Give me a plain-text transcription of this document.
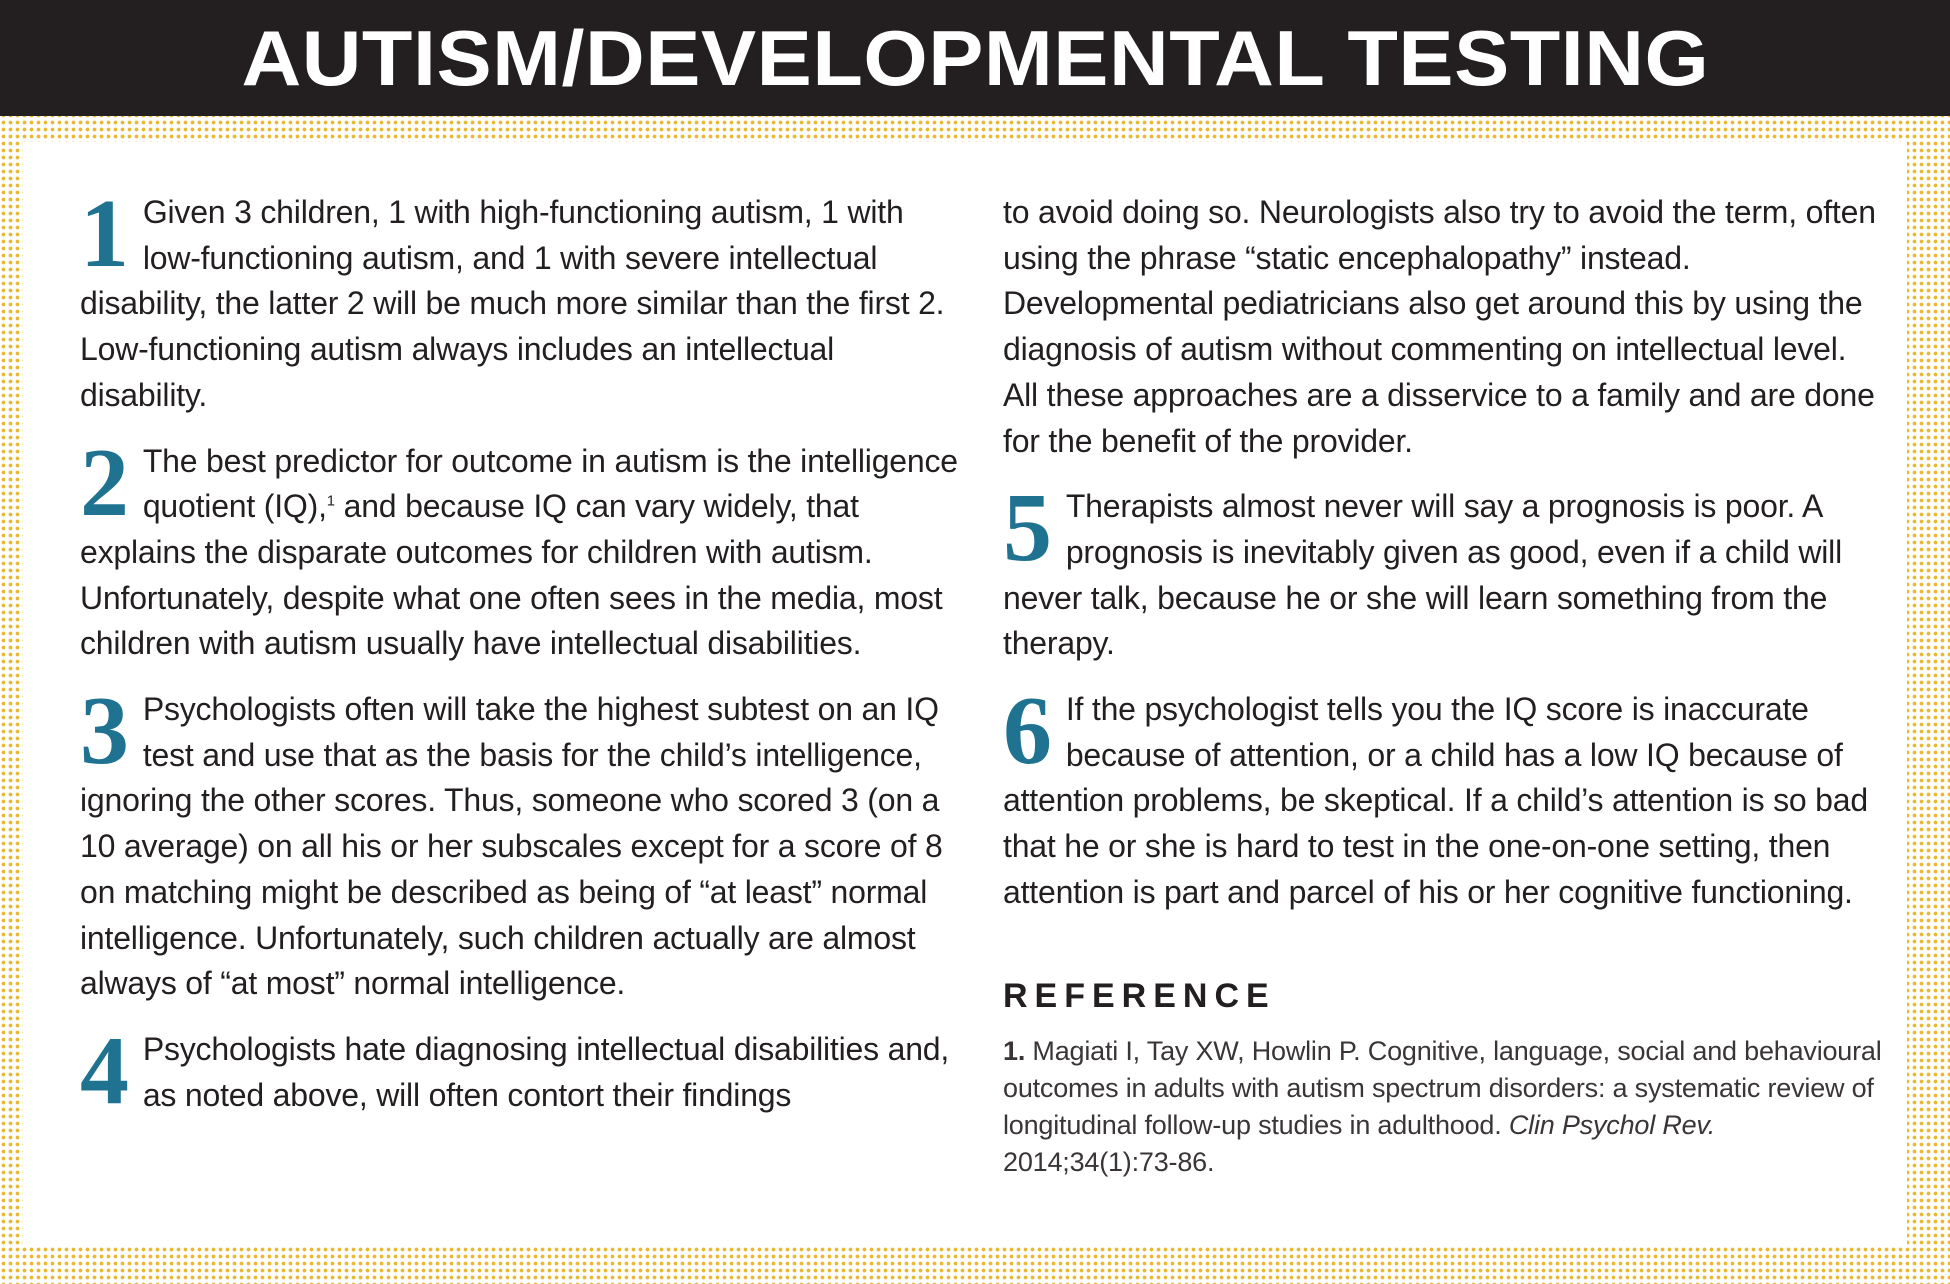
AUTISM/DEVELOPMENTAL TESTING
1 Given 3 children, 1 with high-functioning autism, 1 with low-functioning autism, and 1 with severe intellectual disability, the latter 2 will be much more similar than the first 2. Low-functioning autism always includes an intellectual disability.
2 The best predictor for outcome in autism is the intelligence quotient (IQ),$^1$ and because IQ can vary widely, that explains the disparate outcomes for children with autism. Unfortunately, despite what one often sees in the media, most children with autism usually have intellectual disabilities.
3 Psychologists often will take the highest subtest on an IQ test and use that as the basis for the child’s intelligence, ignoring the other scores. Thus, someone who scored 3 (on a 10 average) on all his or her subscales except for a score of 8 on matching might be described as being of “at least” normal intelligence. Unfortunately, such children actually are almost always of “at most” normal intelligence.
4 Psychologists hate diagnosing intellectual disabilities and, as noted above, will often contort their findings
to avoid doing so. Neurologists also try to avoid the term, often using the phrase “static encephalopathy” instead. Developmental pediatricians also get around this by using the diagnosis of autism without commenting on intellectual level. All these approaches are a disservice to a family and are done for the benefit of the provider.
5 Therapists almost never will say a prognosis is poor. A prognosis is inevitably given as good, even if a child will never talk, because he or she will learn something from the therapy.
6 If the psychologist tells you the IQ score is inaccurate because of attention, or a child has a low IQ because of attention problems, be skeptical. If a child’s attention is so bad that he or she is hard to test in the one-on-one setting, then attention is part and parcel of his or her cognitive functioning.
REFERENCE
1. Magiati I, Tay XW, Howlin P. Cognitive, language, social and behavioural outcomes in adults with autism spectrum disorders: a systematic review of longitudinal follow-up studies in adulthood. Clin Psychol Rev. 2014;34(1):73-86.
